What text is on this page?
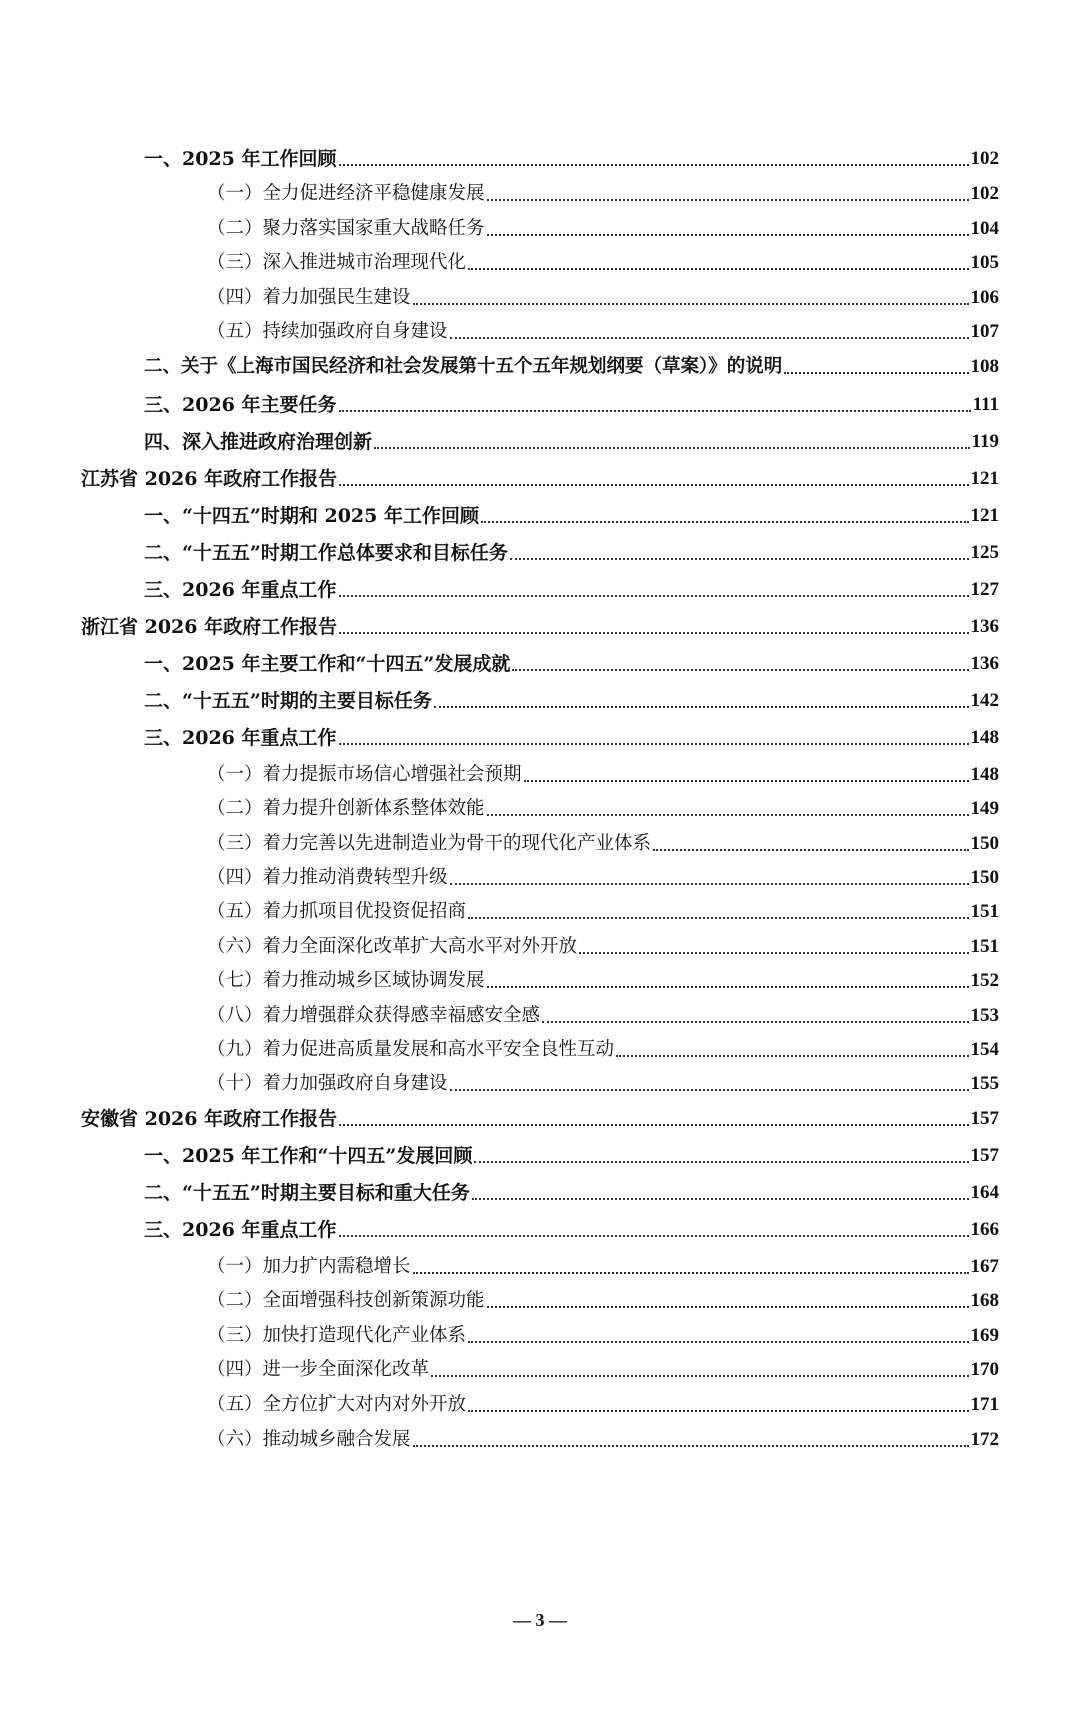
一、2025 年工作回顾	102
（一）全力促进经济平稳健康发展	102
（二）聚力落实国家重大战略任务	104
（三）深入推进城市治理现代化	105
（四）着力加强民生建设	106
（五）持续加强政府自身建设	107
二、关于《上海市国民经济和社会发展第十五个五年规划纲要（草案）》的说明	108
三、2026 年主要任务	111
四、深入推进政府治理创新	119
江苏省 2026 年政府工作报告	121
一、“十四五”时期和 2025 年工作回顾	121
二、“十五五”时期工作总体要求和目标任务	125
三、2026 年重点工作	127
浙江省 2026 年政府工作报告	136
一、2025 年主要工作和“十四五”发展成就	136
二、“十五五”时期的主要目标任务	142
三、2026 年重点工作	148
（一）着力提振市场信心增强社会预期	148
（二）着力提升创新体系整体效能	149
（三）着力完善以先进制造业为骨干的现代化产业体系	150
（四）着力推动消费转型升级	150
（五）着力抓项目优投资促招商	151
（六）着力全面深化改革扩大高水平对外开放	151
（七）着力推动城乡区域协调发展	152
（八）着力增强群众获得感幸福感安全感	153
（九）着力促进高质量发展和高水平安全良性互动	154
（十）着力加强政府自身建设	155
安徽省 2026 年政府工作报告	157
一、2025 年工作和“十四五”发展回顾	157
二、“十五五”时期主要目标和重大任务	164
三、2026 年重点工作	166
（一）加力扩内需稳增长	167
（二）全面增强科技创新策源功能	168
（三）加快打造现代化产业体系	169
（四）进一步全面深化改革	170
（五）全方位扩大对内对外开放	171
（六）推动城乡融合发展	172
— 3 —
